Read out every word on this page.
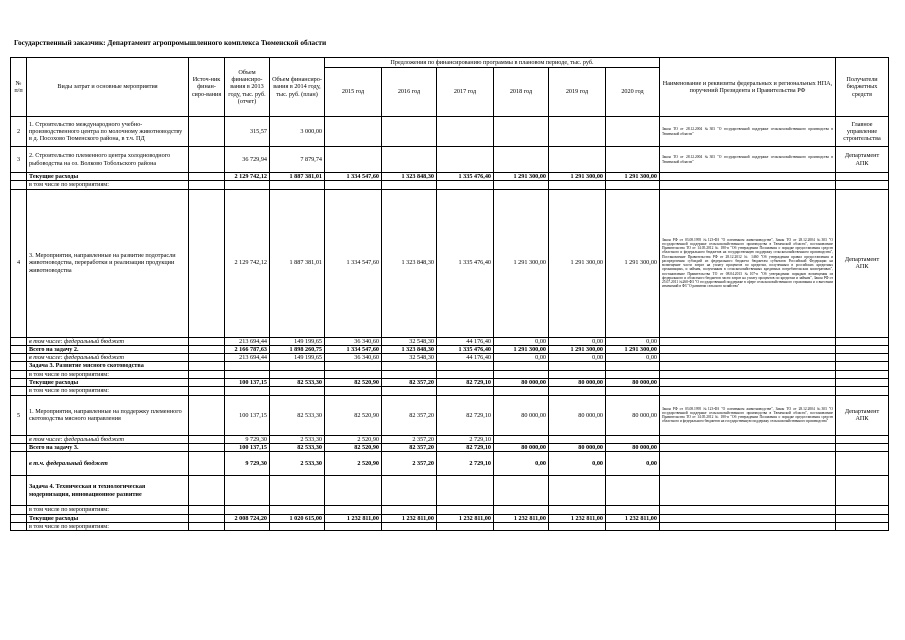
Государственный заказчик: Департамент агропромышленного комплекса Тюменской области
№ п/п	Виды затрат и основные мероприятия	Источ-ник финан-сиро-вания	Объем финансиро-вания в 2013 году, тыс. руб. (отчет)	Объем финансиро-вания в 2014 году, тыс. руб. (план)	Предложения по финансированию программы в плановом периоде, тыс. руб.						Наименование и реквизиты федеральных и региональных НПА, поручений Президента и Правительства РФ	Получатели бюджетных средств
					2015 год	2016 год	2017 год	2018 год	2019 год	2020 год		
2	1. Строительство международного учебно-производственного центра по молочному животноводству в д. Посохово Тюменского района, в т.ч. ПД		315,57	3 000,00							Закон ТО от 28.12.2004 №303 "О государственной поддержке сельскохозяйственного производства в Тюменской области"	Главное управление строительства
3	2. Строительство племенного центра холодноводного рыбоводства на оз. Волково Тобольского района		36 729,94	7 879,74							Закон ТО от 28.12.2004 №303 "О государственной поддержке сельскохозяйственного производства в Тюменской области"	Департамент АПК
	Текущие расходы		2 129 742,12	1 887 381,01	1 334 547,60	1 323 848,30	1 335 476,40	1 291 300,00	1 291 300,00	1 291 300,00		
	в том числе по мероприятиям:											
4	3. Мероприятия, направленные на развитие подотрасли животноводства, переработки и реализации продукции животноводства		2 129 742,12	1 887 381,01	1 334 547,60	1 323 848,30	1 335 476,40	1 291 300,00	1 291 300,00	1 291 300,00	Закон РФ от 03.08.1995 №123-ФЗ "О племенном животноводстве", Закон ТО от 28.12.2004 №303 "О государственной поддержке сельскохозяйственного производства в Тюменской области", постановление Правительства ТО от 14.05.2012 № 180-п "Об утверждении Положения о порядке предоставления средств областного и федерального бюджетов на государственную поддержку сельскохозяйственного производства", Постановление Правительства РФ от 28.12.2012 № 1460 "Об утверждении правил предоставления и распределения субсидий из федерального бюджета бюджетам субъектов Российской Федерации на возмещение части затрат на уплату процентов по кредитам, полученным в российских кредитных организациях, и займам, полученным в сельскохозяйственных кредитных потребительских кооперативах", постановление Правительства ТО от 08.04.2013 №107-п "Об утверждении порядков возмещения из федерального и областного бюджетов части затрат на уплату процентов по кредитам и займам", Закон РФ от 25.07.2011 №260-ФЗ "О государственной поддержке в сфере сельскохозяйственного страхования и о внесении изменений в ФЗ "О развитии сельского хозяйства"	Департамент АПК
	в том числе: федеральный бюджет		213 694,44	149 199,65	36 340,60	32 548,30	44 176,40	0,00	0,00	0,00		
	Всего на задачу 2.		2 166 787,63	1 898 260,75	1 334 547,60	1 323 848,30	1 335 476,40	1 291 300,00	1 291 300,00	1 291 300,00		
	в том числе: федеральный бюджет		213 694,44	149 199,65	36 340,60	32 548,30	44 176,40	0,00	0,00	0,00		
	Задача 3. Развитие мясного скотоводства											
	в том числе по мероприятиям:											
	Текущие расходы		100 137,15	82 533,30	82 520,90	82 357,20	82 729,10	80 000,00	80 000,00	80 000,00		
	в том числе по мероприятиям:											
5	1. Мероприятия, направленные на поддержку племенного скотоводства мясного направления		100 137,15	82 533,30	82 520,90	82 357,20	82 729,10	80 000,00	80 000,00	80 000,00	Закон РФ от 03.08.1995 №123-ФЗ "О племенном животноводстве", Закон ТО от 28.12.2004 №303 "О государственной поддержке сельскохозяйственного производства в Тюменской области", постановление Правительства ТО от 14.05.2012 № 180-п "Об утверждении Положения о порядке предоставления средств областного и федерального бюджетов на государственную поддержку сельскохозяйственного производства"	Департамент АПК
	в том числе: федеральный бюджет		9 729,30	2 533,30	2 520,90	2 357,20	2 729,10					
	Всего на задачу 3.		100 137,15	82 533,30	82 520,90	82 357,20	82 729,10	80 000,00	80 000,00	80 000,00		
	в т.ч. федеральный бюджет		9 729,30	2 533,30	2 520,90	2 357,20	2 729,10	0,00	0,00	0,00		
	Задача 4. Техническая и технологическая модернизация, инновационное развитие											
	в том числе по мероприятиям:											
	Текущие расходы		2 008 724,20	1 020 615,00	1 232 811,00	1 232 811,00	1 232 811,00	1 232 811,00	1 232 811,00	1 232 811,00		
	в том числе по мероприятиям:											
